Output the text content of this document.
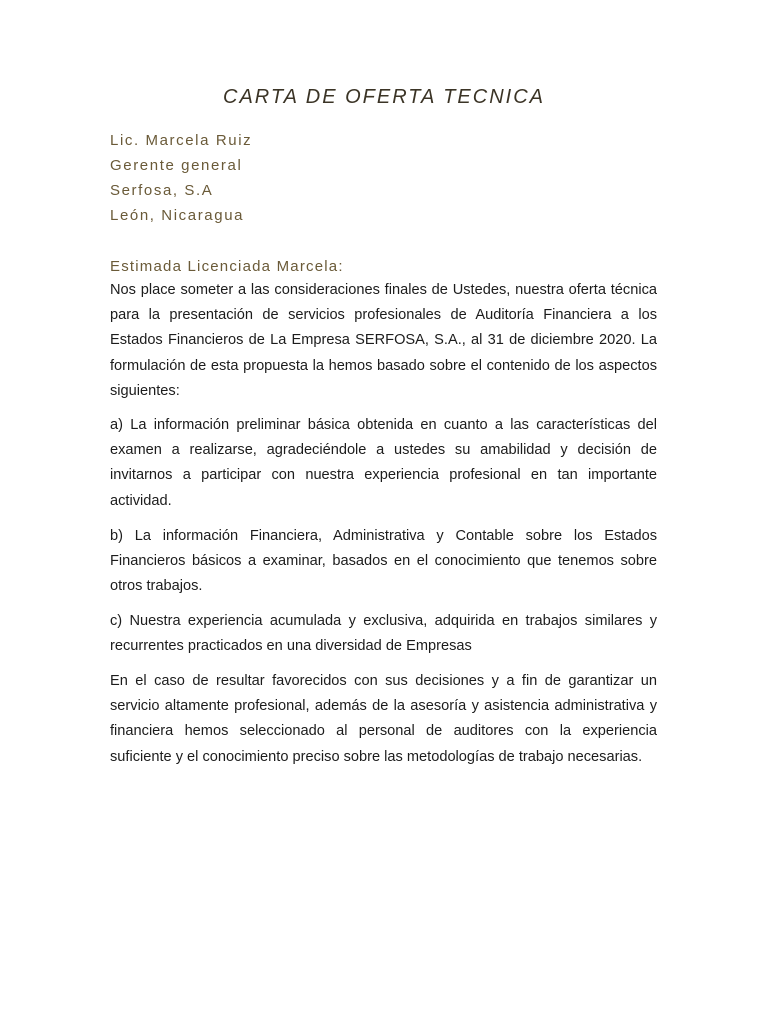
CARTA DE OFERTA TECNICA
Lic. Marcela Ruiz
Gerente general
Serfosa, S.A
León, Nicaragua
Estimada Licenciada Marcela:

Nos place someter a las consideraciones finales de Ustedes, nuestra oferta técnica para la presentación de servicios profesionales de Auditoría Financiera a los Estados Financieros de La Empresa SERFOSA, S.A., al 31 de diciembre 2020. La formulación de esta propuesta la hemos basado sobre el contenido de los aspectos siguientes:

a) La información preliminar básica obtenida en cuanto a las características del examen a realizarse, agradeciéndole a ustedes su amabilidad y decisión de invitarnos a participar con nuestra experiencia profesional en tan importante actividad.

b) La información Financiera, Administrativa y Contable sobre los Estados Financieros básicos a examinar, basados en el conocimiento que tenemos sobre otros trabajos.

c) Nuestra experiencia acumulada y exclusiva, adquirida en trabajos similares y recurrentes practicados en una diversidad de Empresas

En el caso de resultar favorecidos con sus decisiones y a fin de garantizar un servicio altamente profesional, además de la asesoría y asistencia administrativa y financiera hemos seleccionado al personal de auditores con la experiencia suficiente y el conocimiento preciso sobre las metodologías de trabajo necesarias.
